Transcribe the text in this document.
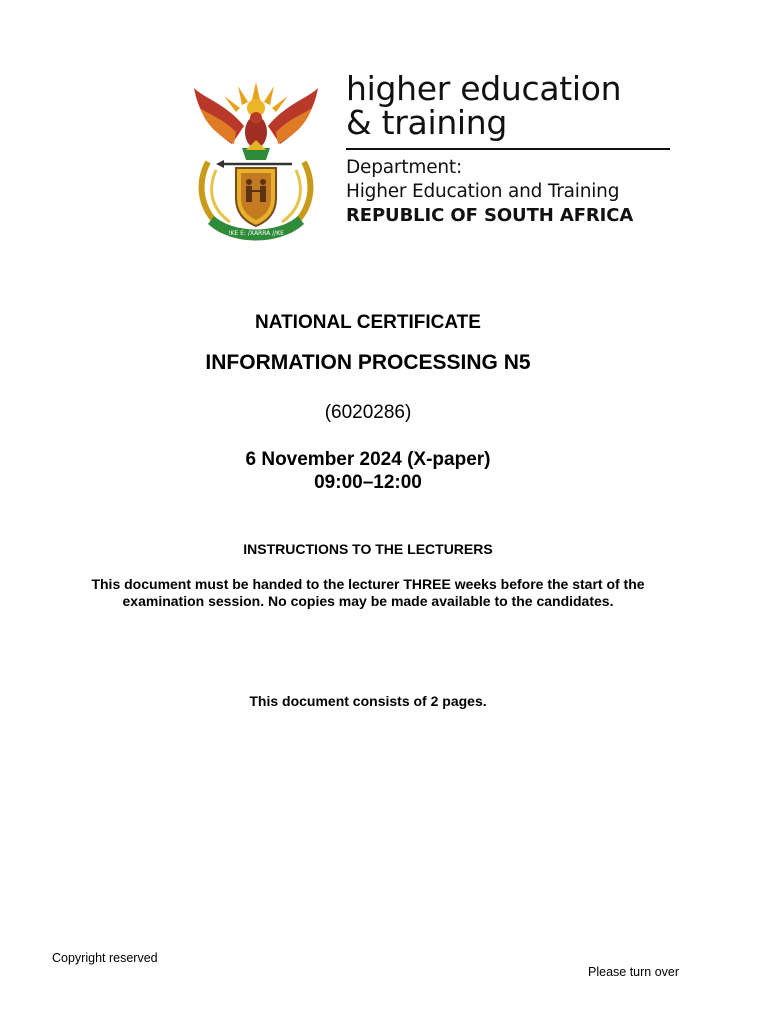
!KE E: /XARRA //KE
higher education
& training
Department:
Higher Education and Training
REPUBLIC OF SOUTH AFRICA
NATIONAL CERTIFICATE
INFORMATION PROCESSING N5
(6020286)
6 November 2024 (X-paper)
09:00–12:00
INSTRUCTIONS TO THE LECTURERS
This document must be handed to the lecturer THREE weeks before the start of the examination session. No copies may be made available to the candidates.
This document consists of 2 pages.
Copyright reserved
Please turn over
